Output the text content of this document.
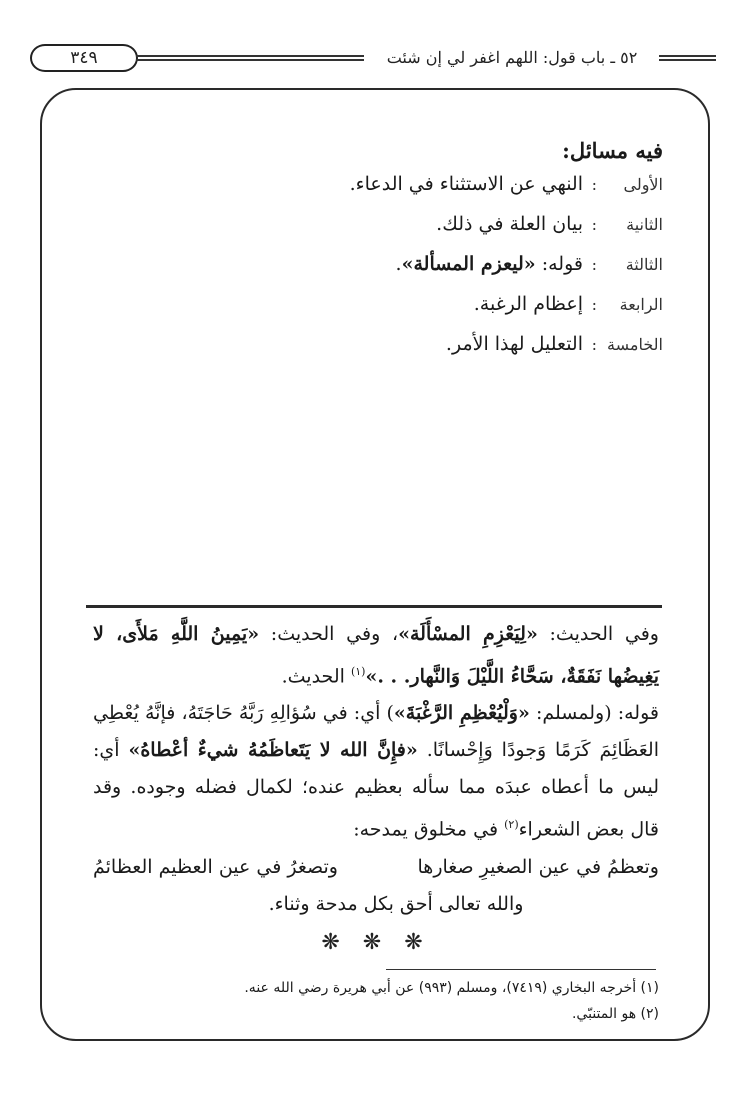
٣٤٩	٥٢ ـ باب قول: اللهم اغفر لي إن شئت
فيه مسائل:
الأولى
:
النهي عن الاستثناء في الدعاء.
الثانية
:
بيان العلة في ذلك.
الثالثة
:
قوله: «ليعزم المسألة».
الرابعة
:
إعظام الرغبة.
الخامسة
:
التعليل لهذا الأمر.

وفي الحديث: «لِيَعْزِمِ المسْأَلَة»، وفي الحديث: «يَمِينُ اللَّهِ مَلأَى، لا يَغِيضُها نَفَقَةٌ، سَحَّاءُ اللَّيْلَ وَالنَّهار. . .»$^{(١)}$ الحديث.

قوله: (ولمسلم: «وَلْيُعْظِمِ الرَّغْبَةَ») أي: في سُؤالِهِ رَبَّهُ حَاجَتَهُ، فإنَّهُ يُعْطِي العَظَائِمَ كَرَمًا وَجودًا وَإِحْسانًا. «فإِنَّ الله لا يَتَعاظَمُهُ شيءٌ أعْطاهُ» أي: ليس ما أعطاه عبدَه مما سأله بعظيم عنده؛ لكمال فضله وجوده. وقد قال بعض الشعراء$^{(٢)}$ في مخلوق يمدحه:

وتعظمُ في عين الصغيرِ صغارها
وتصغرُ في عين العظيم العظائمُ
والله تعالى أحق بكل مدحة وثناء.
❋ ❋ ❋

(١) أخرجه البخاري (٧٤١٩)، ومسلم (٩٩٣) عن أبي هريرة رضي الله عنه.

(٢) هو المتنبّي.
